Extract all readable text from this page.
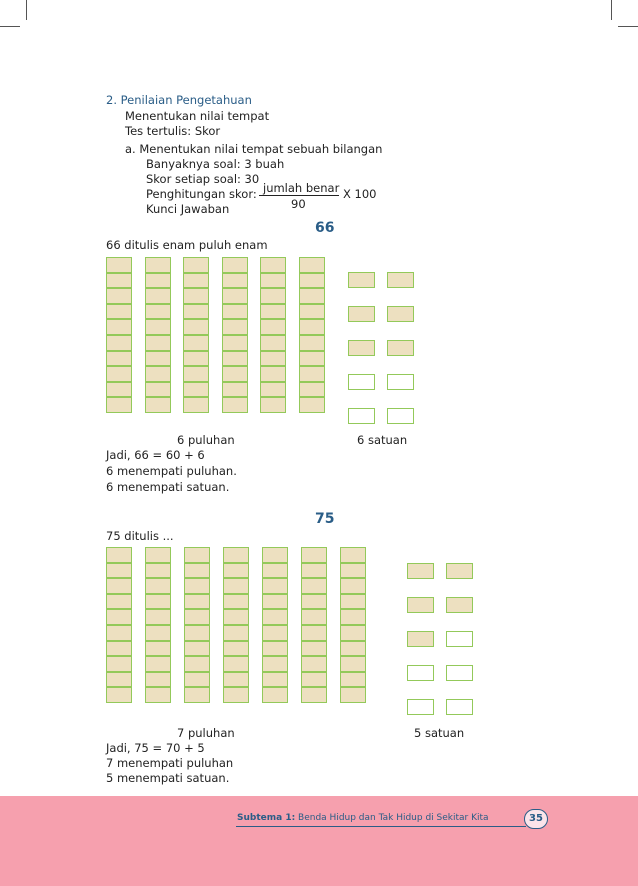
2. Penilaian Pengetahuan
Menentukan nilai tempat
Tes tertulis: Skor
a. Menentukan nilai tempat sebuah bilangan
Banyaknya soal: 3 buah
Skor setiap soal: 30
Penghitungan skor: jumlah benar X 100
90
Kunci Jawaban
66
66 ditulis enam puluh enam
6 puluhan	6 satuan
Jadi, 66 = 60 + 6
6 menempati puluhan.
6 menempati satuan.
75
75 ditulis ...
7 puluhan	5 satuan
Jadi, 75 = 70 + 5
7 menempati puluhan
5 menempati satuan.
Subtema 1: Benda Hidup dan Tak Hidup di Sekitar Kita	35
